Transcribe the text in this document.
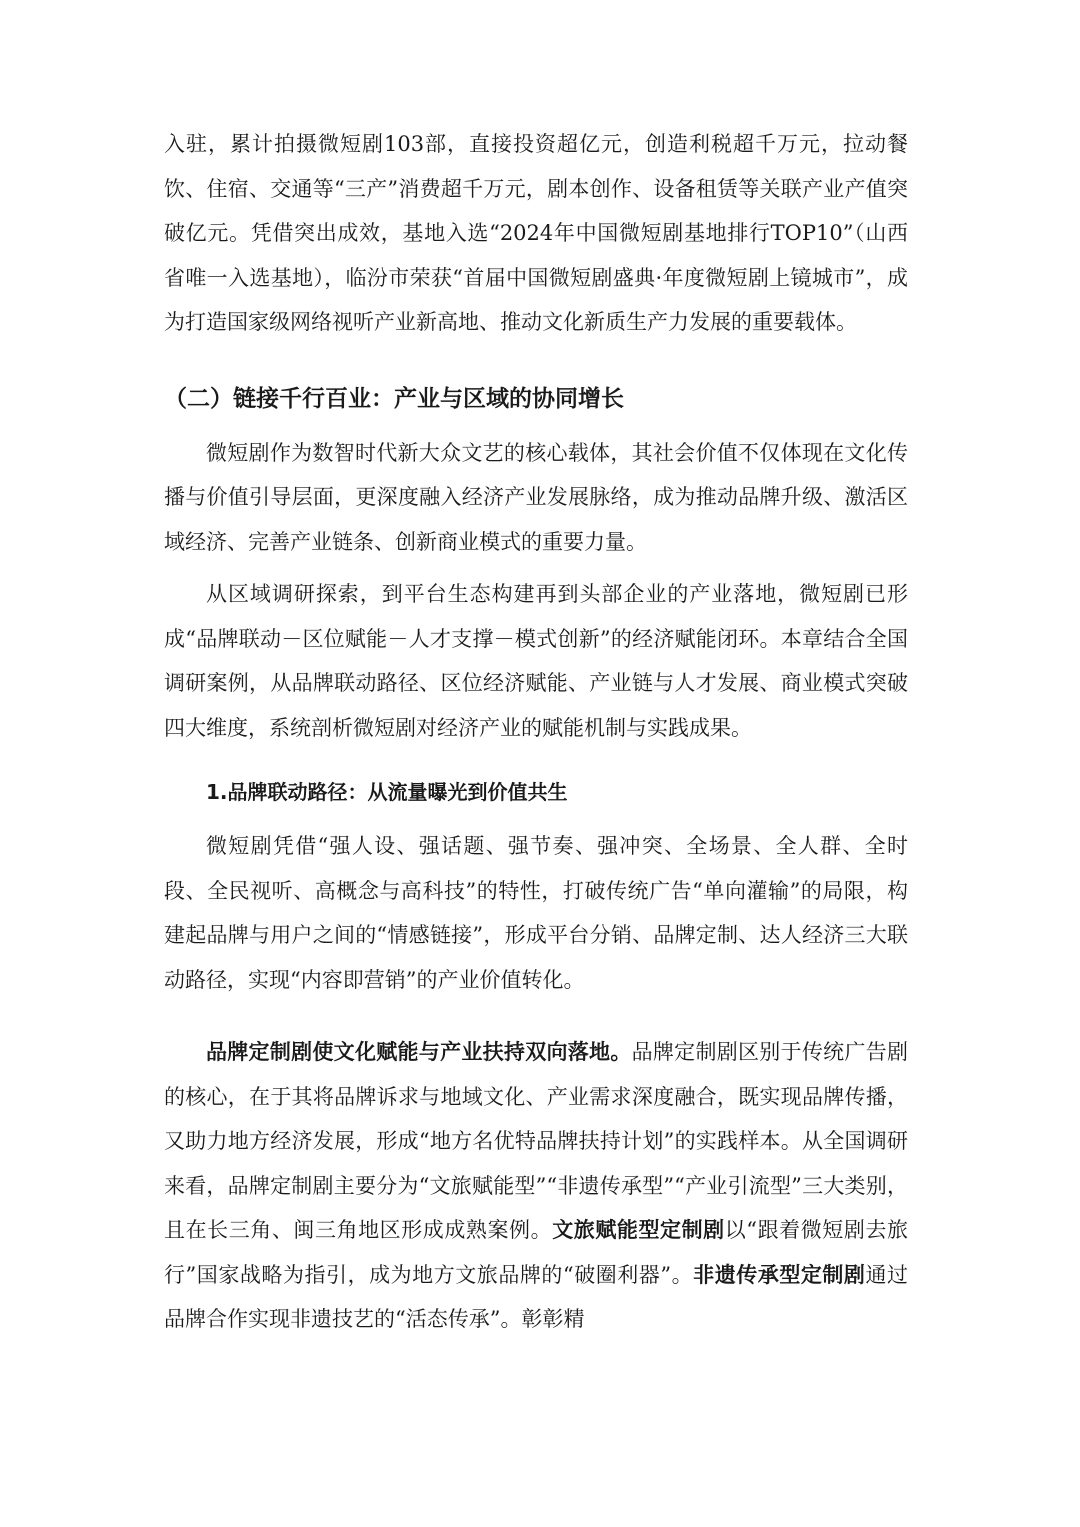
入驻，累计拍摄微短剧103部，直接投资超亿元，创造利税超千万元，拉动餐饮、住宿、交通等“三产”消费超千万元，剧本创作、设备租赁等关联产业产值突破亿元。凭借突出成效，基地入选“2024年中国微短剧基地排行TOP10”（山西省唯一入选基地），临汾市荣获“首届中国微短剧盛典·年度微短剧上镜城市”，成为打造国家级网络视听产业新高地、推动文化新质生产力发展的重要载体。

（二）链接千行百业：产业与区域的协同增长

微短剧作为数智时代新大众文艺的核心载体，其社会价值不仅体现在文化传播与价值引导层面，更深度融入经济产业发展脉络，成为推动品牌升级、激活区域经济、完善产业链条、创新商业模式的重要力量。

从区域调研探索，到平台生态构建再到头部企业的产业落地，微短剧已形成“品牌联动－区位赋能－人才支撑－模式创新”的经济赋能闭环。本章结合全国调研案例，从品牌联动路径、区位经济赋能、产业链与人才发展、商业模式突破四大维度，系统剖析微短剧对经济产业的赋能机制与实践成果。

1.品牌联动路径：从流量曝光到价值共生

微短剧凭借“强人设、强话题、强节奏、强冲突、全场景、全人群、全时段、全民视听、高概念与高科技”的特性，打破传统广告“单向灌输”的局限，构建起品牌与用户之间的“情感链接”，形成平台分销、品牌定制、达人经济三大联动路径，实现“内容即营销”的产业价值转化。

品牌定制剧使文化赋能与产业扶持双向落地。品牌定制剧区别于传统广告剧的核心，在于其将品牌诉求与地域文化、产业需求深度融合，既实现品牌传播，又助力地方经济发展，形成“地方名优特品牌扶持计划”的实践样本。从全国调研来看，品牌定制剧主要分为“文旅赋能型”“非遗传承型”“产业引流型”三大类别，且在长三角、闽三角地区形成成熟案例。文旅赋能型定制剧以“跟着微短剧去旅行”国家战略为指引，成为地方文旅品牌的“破圈利器”。非遗传承型定制剧通过品牌合作实现非遗技艺的“活态传承”。彰彰精
